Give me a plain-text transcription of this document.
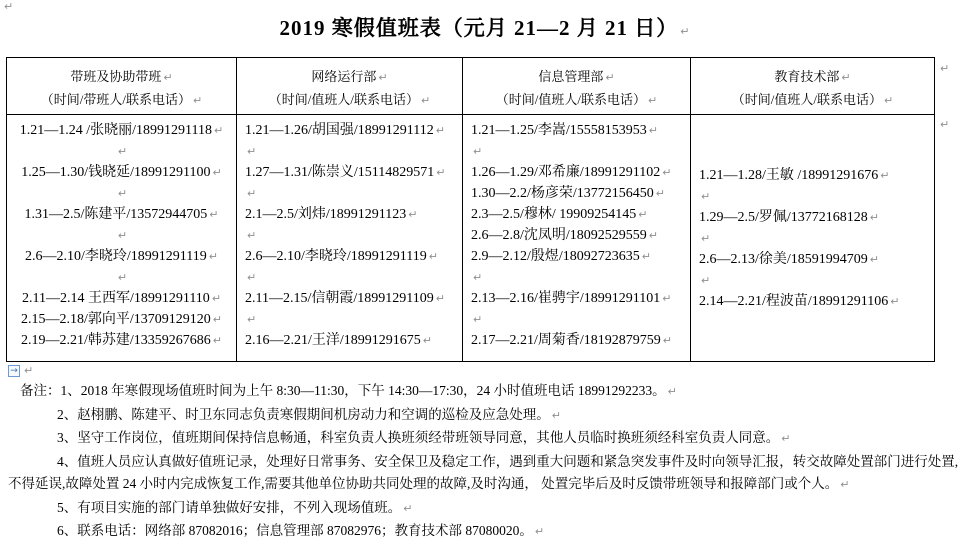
↵
2019 寒假值班表（元月 21—2 月 21 日） ↵
带班及协助带班 ↵
（时间/带班人/联系电话） ↵
网络运行部 ↵
（时间/值班人/联系电话） ↵
信息管理部 ↵
（时间/值班人/联系电话） ↵
教育技术部 ↵
（时间/值班人/联系电话） ↵
1.21—1.24 /张晓丽/18991291118 ↵
↵
1.25—1.30/钱晓延/18991291100 ↵
↵
1.31—2.5/陈建平/13572944705 ↵
↵
2.6—2.10/李晓玲/18991291119 ↵
↵
2.11—2.14 王西军/18991291110 ↵
2.15—2.18/郭向平/13709129120 ↵
2.19—2.21/韩苏建/13359267686 ↵
1.21—1.26/胡国强/18991291112 ↵
↵
1.27—1.31/陈崇义/15114829571 ↵
↵
2.1—2.5/刘炜/18991291123 ↵
↵
2.6—2.10/李晓玲/18991291119 ↵
↵
2.11—2.15/信朝霞/18991291109 ↵
↵
2.16—2.21/王洋/18991291675 ↵
1.21—1.25/李嵩/15558153953 ↵
↵
1.26—1.29/邓希廉/18991291102 ↵
1.30—2.2/杨彦荣/13772156450 ↵
2.3—2.5/穆林/ 19909254145 ↵
2.6—2.8/沈凤明/18092529559 ↵
2.9—2.12/殷煜/18092723635 ↵
↵
2.13—2.16/崔骋宇/18991291101 ↵
↵
2.17—2.21/周菊香/18192879759 ↵
1.21—1.28/王敏 /18991291676 ↵
↵
1.29—2.5/罗佩/13772168128 ↵
↵
2.6—2.13/徐美/18591994709 ↵
↵
2.14—2.21/程波苗/18991291106 ↵
↵
↵
→ ↵

备注：1、2018 年寒假现场值班时间为上午 8:30—11:30，下午 14:30—17:30，24 小时值班电话 18991292233。 ↵

2、赵栩鹏、陈建平、时卫东同志负责寒假期间机房动力和空调的巡检及应急处理。 ↵

3、坚守工作岗位，值班期间保持信息畅通，科室负责人换班须经带班领导同意，其他人员临时换班须经科室负责人同意。 ↵

4、值班人员应认真做好值班记录，处理好日常事务、安全保卫及稳定工作，遇到重大问题和紧急突发事件及时向领导汇报，转交故障处置部门进行处置,不得延误,故障处置 24 小时内完成恢复工作,需要其他单位协助共同处理的故障,及时沟通， 处置完毕后及时反馈带班领导和报障部门或个人。 ↵

5、有项目实施的部门请单独做好安排，不列入现场值班。 ↵

6、联系电话：网络部 87082016；信息管理部 87082976；教育技术部 87080020。 ↵
